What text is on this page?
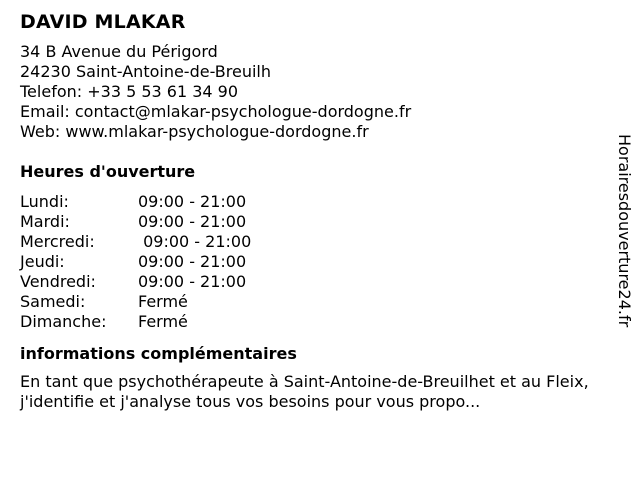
DAVID MLAKAR
34 B Avenue du Périgord
24230 Saint-Antoine-de-Breuilh
Telefon: +33 5 53 61 34 90
Email: contact@mlakar-psychologue-dordogne.fr
Web: www.mlakar-psychologue-dordogne.fr
Heures d'ouverture
Lundi:	09:00 - 21:00
Mardi:	09:00 - 21:00
Mercredi:	09:00 - 21:00
Jeudi:	09:00 - 21:00
Vendredi:	09:00 - 21:00
Samedi:	Fermé
Dimanche:	Fermé
informations complémentaires
En tant que psychothérapeute à Saint-Antoine-de-Breuilhet et au Fleix, j'identifie et j'analyse tous vos besoins pour vous propo...
Horairesdouverture24.fr
